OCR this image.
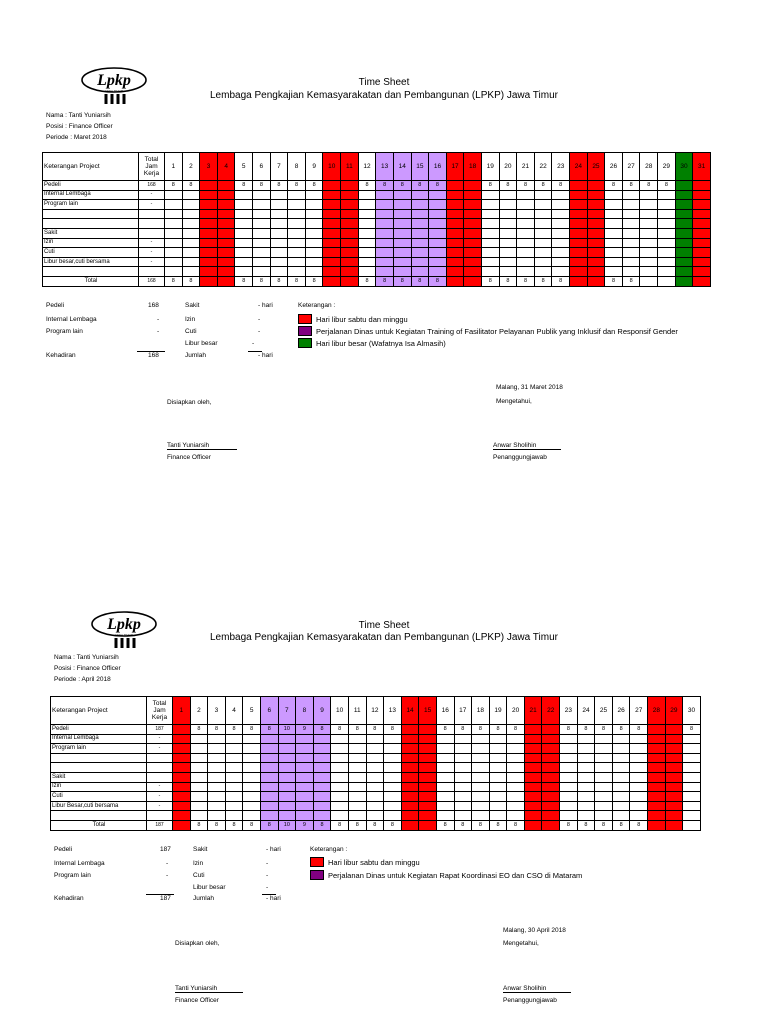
Lpkp
JAWA TIMUR
Time Sheet
Lembaga Pengkajian Kemasyarakatan dan Pembangunan (LPKP) Jawa Timur
Nama : Tanti Yuniarsih
Posisi : Finance Officer
Periode : Maret 2018
Keterangan Project	Total Jam Kerja	1	2	3	4	5	6	7	8	9	10	11	12	13	14	15	16	17	18	19	20	21	22	23	24	25	26	27	28	29	30	31
Pedeli	168	8	8			8	8	8	8	8			8	8	8	8	8			8	8	8	8	8			8	8	8	8		
Internal Lembaga	-																															
Program lain	-																															

Sakit																																
Izin	-																															
Cuti	-																															
Libur besar,cuti bersama	-																															

Total	168	8	8			8	8	8	8	8			8	8	8	8	8			8	8	8	8	8			8	8				
Pedeli	168
Internal Lembaga	-
Program lain	-
Kehadiran	168
Sakit	- hari
Izin	-
Cuti	-
Libur besar	-
Jumlah	- hari
Keterangan :
Hari libur sabtu dan minggu
Perjalanan Dinas untuk Kegiatan Training of Fasilitator Pelayanan Publik yang Inklusif dan Responsif Gender
Hari libur besar (Wafatnya Isa Almasih)
Malang, 31 Maret 2018
Mengetahui,
Disiapkan oleh,
Tanti Yuniarsih
Finance Officer
Anwar Sholihin
Penanggungjawab
Lpkp
JAWA TIMUR
Time Sheet
Lembaga Pengkajian Kemasyarakatan dan Pembangunan (LPKP) Jawa Timur
Nama : Tanti Yuniarsih
Posisi : Finance Officer
Periode : April 2018
Keterangan Project	Total Jam Kerja	1	2	3	4	5	6	7	8	9	10	11	12	13	14	15	16	17	18	19	20	21	22	23	24	25	26	27	28	29	30
Pedeli	187		8	8	8	8	8	10	9	8	8	8	8	8			8	8	8	8	8			8	8	8	8	8			8
Internal Lembaga	-																														
Program lain	-																														

Sakit																															
Izin	-																														
Cuti	-																														
Libur Besar,cuti bersama	-																														

Total	187		8	8	8	8	8	10	9	8	8	8	8	8			8	8	8	8	8			8	8	8	8	8			
Pedeli	187
Internal Lembaga	-
Program lain	-
Kehadiran	187
Sakit	- hari
Izin	-
Cuti	-
Libur besar	-
Jumlah	- hari
Keterangan :
Hari libur sabtu dan minggu
Perjalanan Dinas untuk Kegiatan Rapat Koordinasi EO dan CSO di Mataram
Malang, 30 April 2018
Mengetahui,
Disiapkan oleh,
Tanti Yuniarsih
Finance Officer
Anwar Sholihin
Penanggungjawab
